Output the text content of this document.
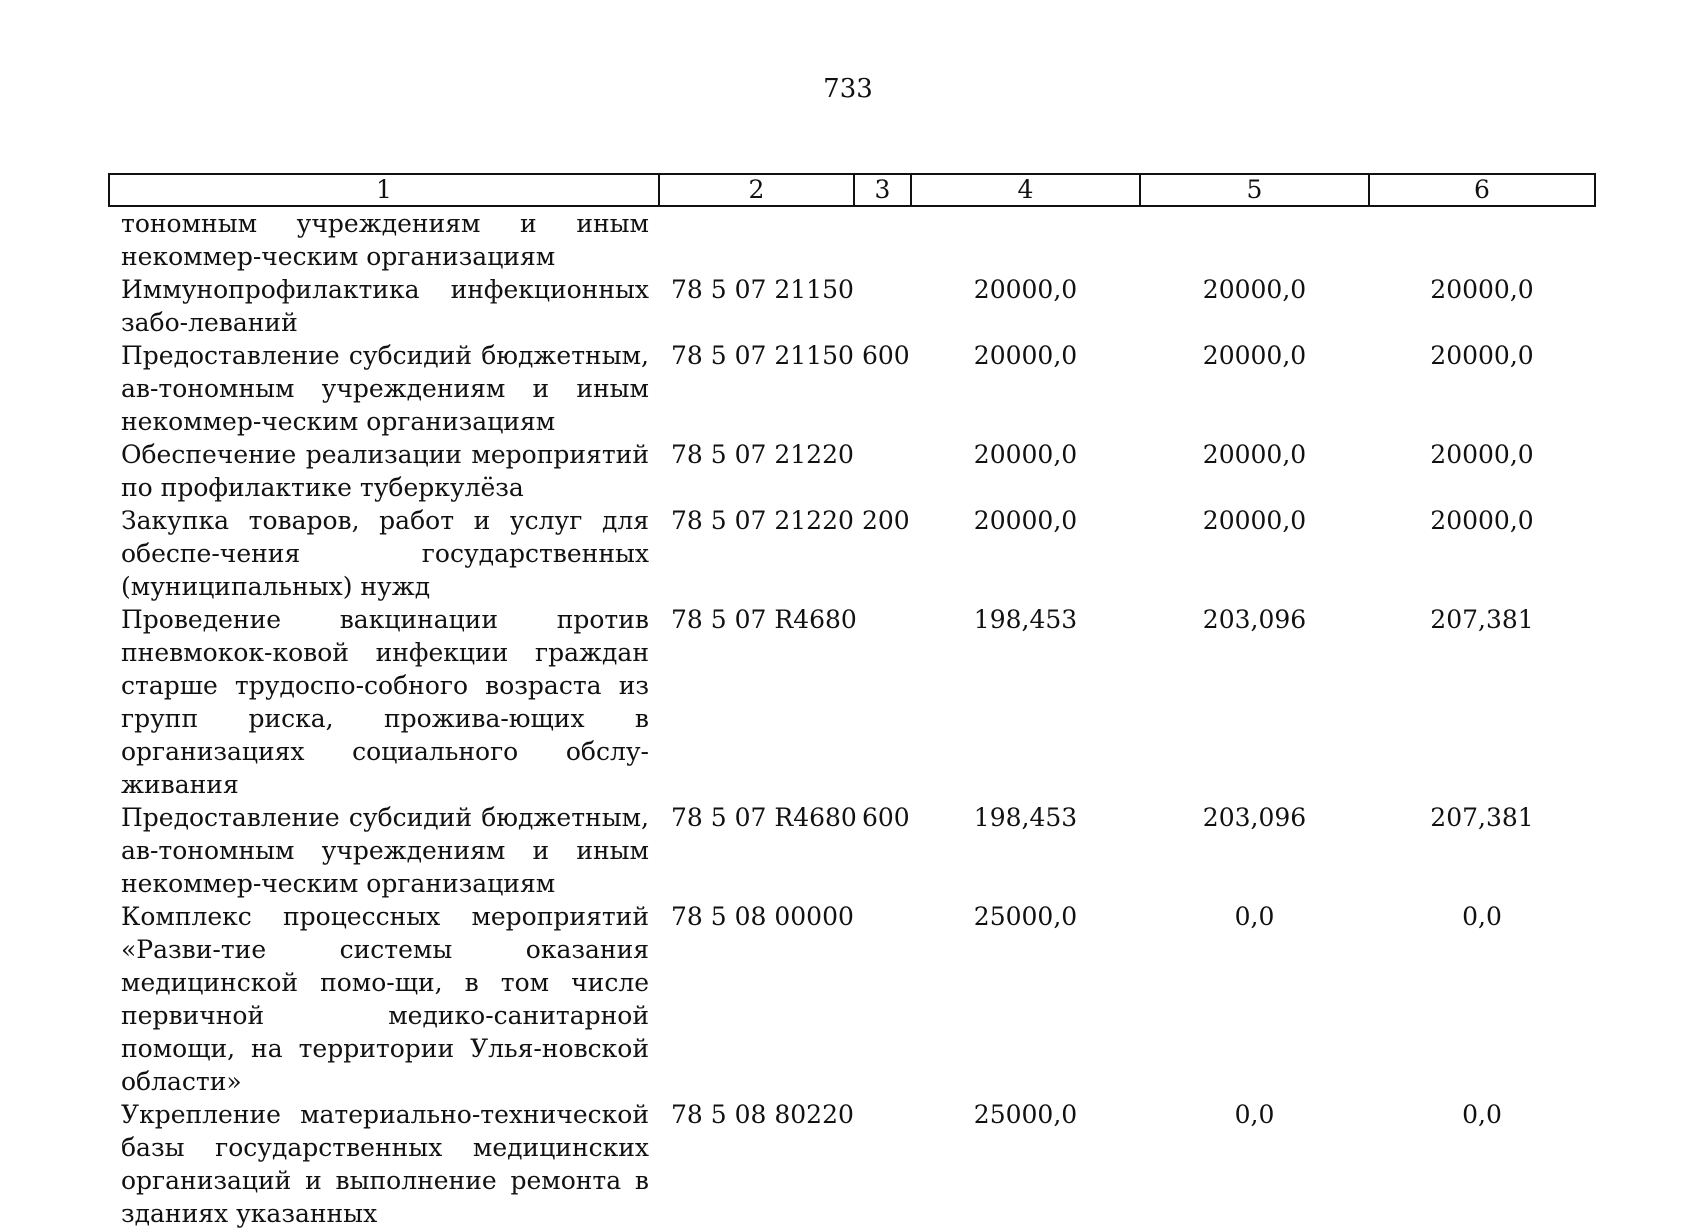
733
1	2	3	4	5	6
тономным учреждениям и иным некоммер-ческим организациям					
Иммунопрофилактика инфекционных забо-леваний	78 5 07 21150		20000,0	20000,0	20000,0
Предоставление субсидий бюджетным, ав-тономным учреждениям и иным некоммер-ческим организациям	78 5 07 21150	600	20000,0	20000,0	20000,0
Обеспечение реализации мероприятий по профилактике туберкулёза	78 5 07 21220		20000,0	20000,0	20000,0
Закупка товаров, работ и услуг для обеспе-чения государственных (муниципальных) нужд	78 5 07 21220	200	20000,0	20000,0	20000,0
Проведение вакцинации против пневмокок-ковой инфекции граждан старше трудоспо-собного возраста из групп риска, прожива-ющих в организациях социального обслу-живания	78 5 07 R4680		198,453	203,096	207,381
Предоставление субсидий бюджетным, ав-тономным учреждениям и иным некоммер-ческим организациям	78 5 07 R4680	600	198,453	203,096	207,381
Комплекс процессных мероприятий «Разви-тие системы оказания медицинской помо-щи, в том числе первичной медико-санитарной помощи, на территории Улья-новской области»	78 5 08 00000		25000,0	0,0	0,0
Укрепление материально-технической базы государственных медицинских организаций и выполнение ремонта в зданиях указанных	78 5 08 80220		25000,0	0,0	0,0
